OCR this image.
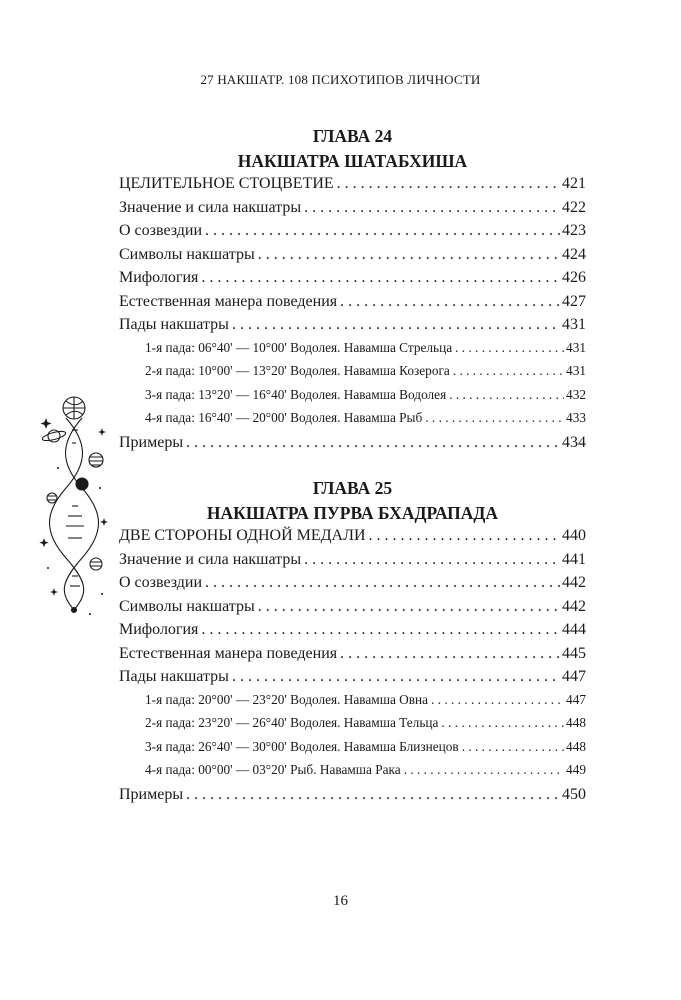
27 НАКШАТР. 108 ПСИХОТИПОВ ЛИЧНОСТИ
ГЛАВА 24
НАКШАТРА ШАТАБХИША
ЦЕЛИТЕЛЬНОЕ СТОЦВЕТИЕ . . .	421
Значение и сила накшатры . . .	422
О созвездии . . .	423
Символы накшатры . . .	424
Мифология . . .	426
Естественная манера поведения . . .	427
Пады накшатры . . .	431
1-я пада: 06°40' — 10°00' Водолея. Навамша Стрельца . . .	431
2-я пада: 10°00' — 13°20' Водолея. Навамша Козерога . . .	431
3-я пада: 13°20' — 16°40' Водолея. Навамша Водолея . . .	432
4-я пада: 16°40' — 20°00' Водолея. Навамша Рыб . . .	433
Примеры . . .	434
ГЛАВА 25
НАКШАТРА ПУРВА БХАДРАПАДА
ДВЕ СТОРОНЫ ОДНОЙ МЕДАЛИ . . .	440
Значение и сила накшатры . . .	441
О созвездии . . .	442
Символы накшатры . . .	442
Мифология . . .	444
Естественная манера поведения . . .	445
Пады накшатры . . .	447
1-я пада: 20°00' — 23°20' Водолея. Навамша Овна . . .	447
2-я пада: 23°20' — 26°40' Водолея. Навамша Тельца . . .	448
3-я пада: 26°40' — 30°00' Водолея. Навамша Близнецов . . .	448
4-я пада: 00°00' — 03°20' Рыб. Навамша Рака . . .	449
Примеры . . .	450
16
